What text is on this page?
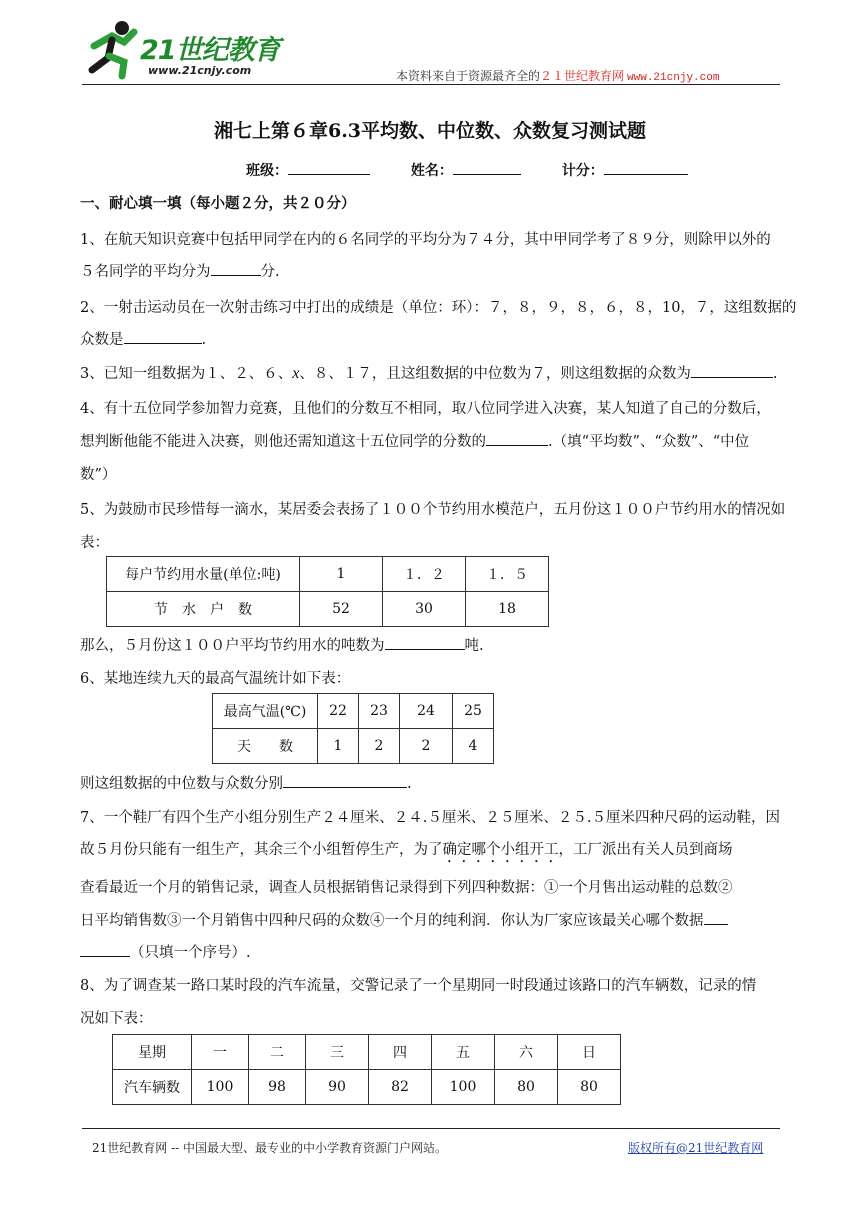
21世纪教育
www.21cnjy.com	本资料来自于资源最齐全的２１世纪教育网 www.21cnjy.com
湘七上第６章6.3平均数、中位数、众数复习测试题
班级：	姓名：	计分：
一、耐心填一填（每小题２分，共２０分）
1、在航天知识竞赛中包括甲同学在内的６名同学的平均分为７４分，其中甲同学考了８９分，则除甲以外的
５名同学的平均分为	分.
2、一射击运动员在一次射击练习中打出的成绩是（单位：环）：７，８，９，８，６，８，10，７，这组数据的
众数是	.
3、已知一组数据为１、２、６、x、８、１７，且这组数据的中位数为７，则这组数据的众数为	.
4、有十五位同学参加智力竞赛，且他们的分数互不相同，取八位同学进入决赛，某人知道了自己的分数后，
想判断他能不能进入决赛，则他还需知道这十五位同学的分数的	.（填“平均数”、“众数”、“中位
数”）
5、为鼓励市民珍惜每一滴水，某居委会表扬了１００个节约用水模范户，五月份这１００户节约用水的情况如
表：
每户节约用水量(单位:吨)	1	１．２	１．５
节　水　户　数	52	30	18
那么，５月份这１００户平均节约用水的吨数为	吨.
6、某地连续九天的最高气温统计如下表：
最高气温(℃)	22	23	24	25
天　　数	1	2	2	4
则这组数据的中位数与众数分别	.
7、一个鞋厂有四个生产小组分别生产２４厘米、２４.５厘米、２５厘米、２５.５厘米四种尺码的运动鞋，因
故５月份只能有一组生产，其余三个小组暂停生产，为了确定哪个小组开工，工厂派出有关人员到商场
查看最近一个月的销售记录，调查人员根据销售记录得到下列四种数据：①一个月售出运动鞋的总数②
日平均销售数③一个月销售中四种尺码的众数④一个月的纯利润．你认为厂家应该最关心哪个数据
（只填一个序号）.
8、为了调查某一路口某时段的汽车流量，交警记录了一个星期同一时段通过该路口的汽车辆数，记录的情
况如下表：
星期	一	二	三	四	五	六	日
汽车辆数	100	98	90	82	100	80	80
21世纪教育网 -- 中国最大型、最专业的中小学教育资源门户网站。	版权所有@21世纪教育网
